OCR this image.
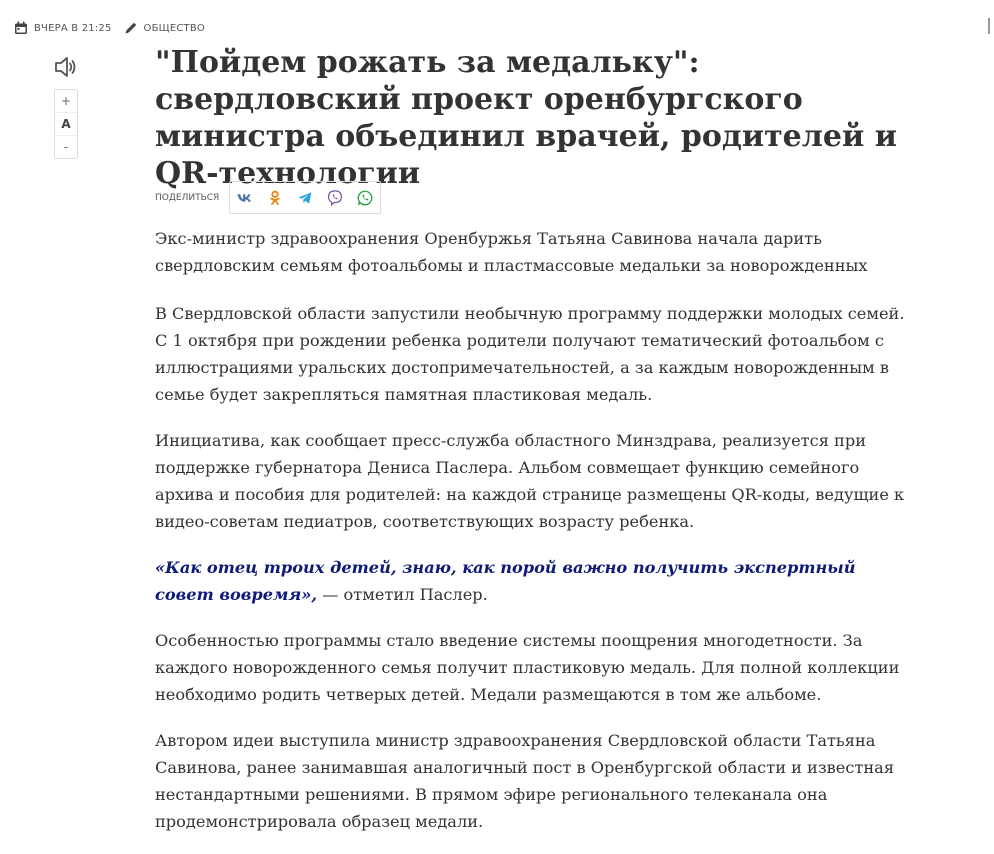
ВЧЕРА В 21:25	ОБЩЕСТВО
+
A
-
"Пойдем рожать за медальку": свердловский проект оренбургского министра объединил врачей, родителей и QR-технологии
ПОДЕЛИТЬСЯ

Экс-министр здравоохранения Оренбуржья Татьяна Савинова начала дарить свердловским семьям фотоальбомы и пластмассовые медальки за новорожденных

В Свердловской области запустили необычную программу поддержки молодых семей. С 1 октября при рождении ребенка родители получают тематический фотоальбом с иллюстрациями уральских достопримечательностей, а за каждым новорожденным в семье будет закрепляться памятная пластиковая медаль.

Инициатива, как сообщает пресс-служба областного Минздрава, реализуется при поддержке губернатора Дениса Паслера. Альбом совмещает функцию семейного архива и пособия для родителей: на каждой странице размещены QR-коды, ведущие к видео-советам педиатров, соответствующих возрасту ребенка.

«Как отец троих детей, знаю, как порой важно получить экспертный совет вовремя», — отметил Паслер.

Особенностью программы стало введение системы поощрения многодетности. За каждого новорожденного семья получит пластиковую медаль. Для полной коллекции необходимо родить четверых детей. Медали размещаются в том же альбоме.

Автором идеи выступила министр здравоохранения Свердловской области Татьяна Савинова, ранее занимавшая аналогичный пост в Оренбургской области и известная нестандартными решениями. В прямом эфире регионального телеканала она продемонстрировала образец медали.
